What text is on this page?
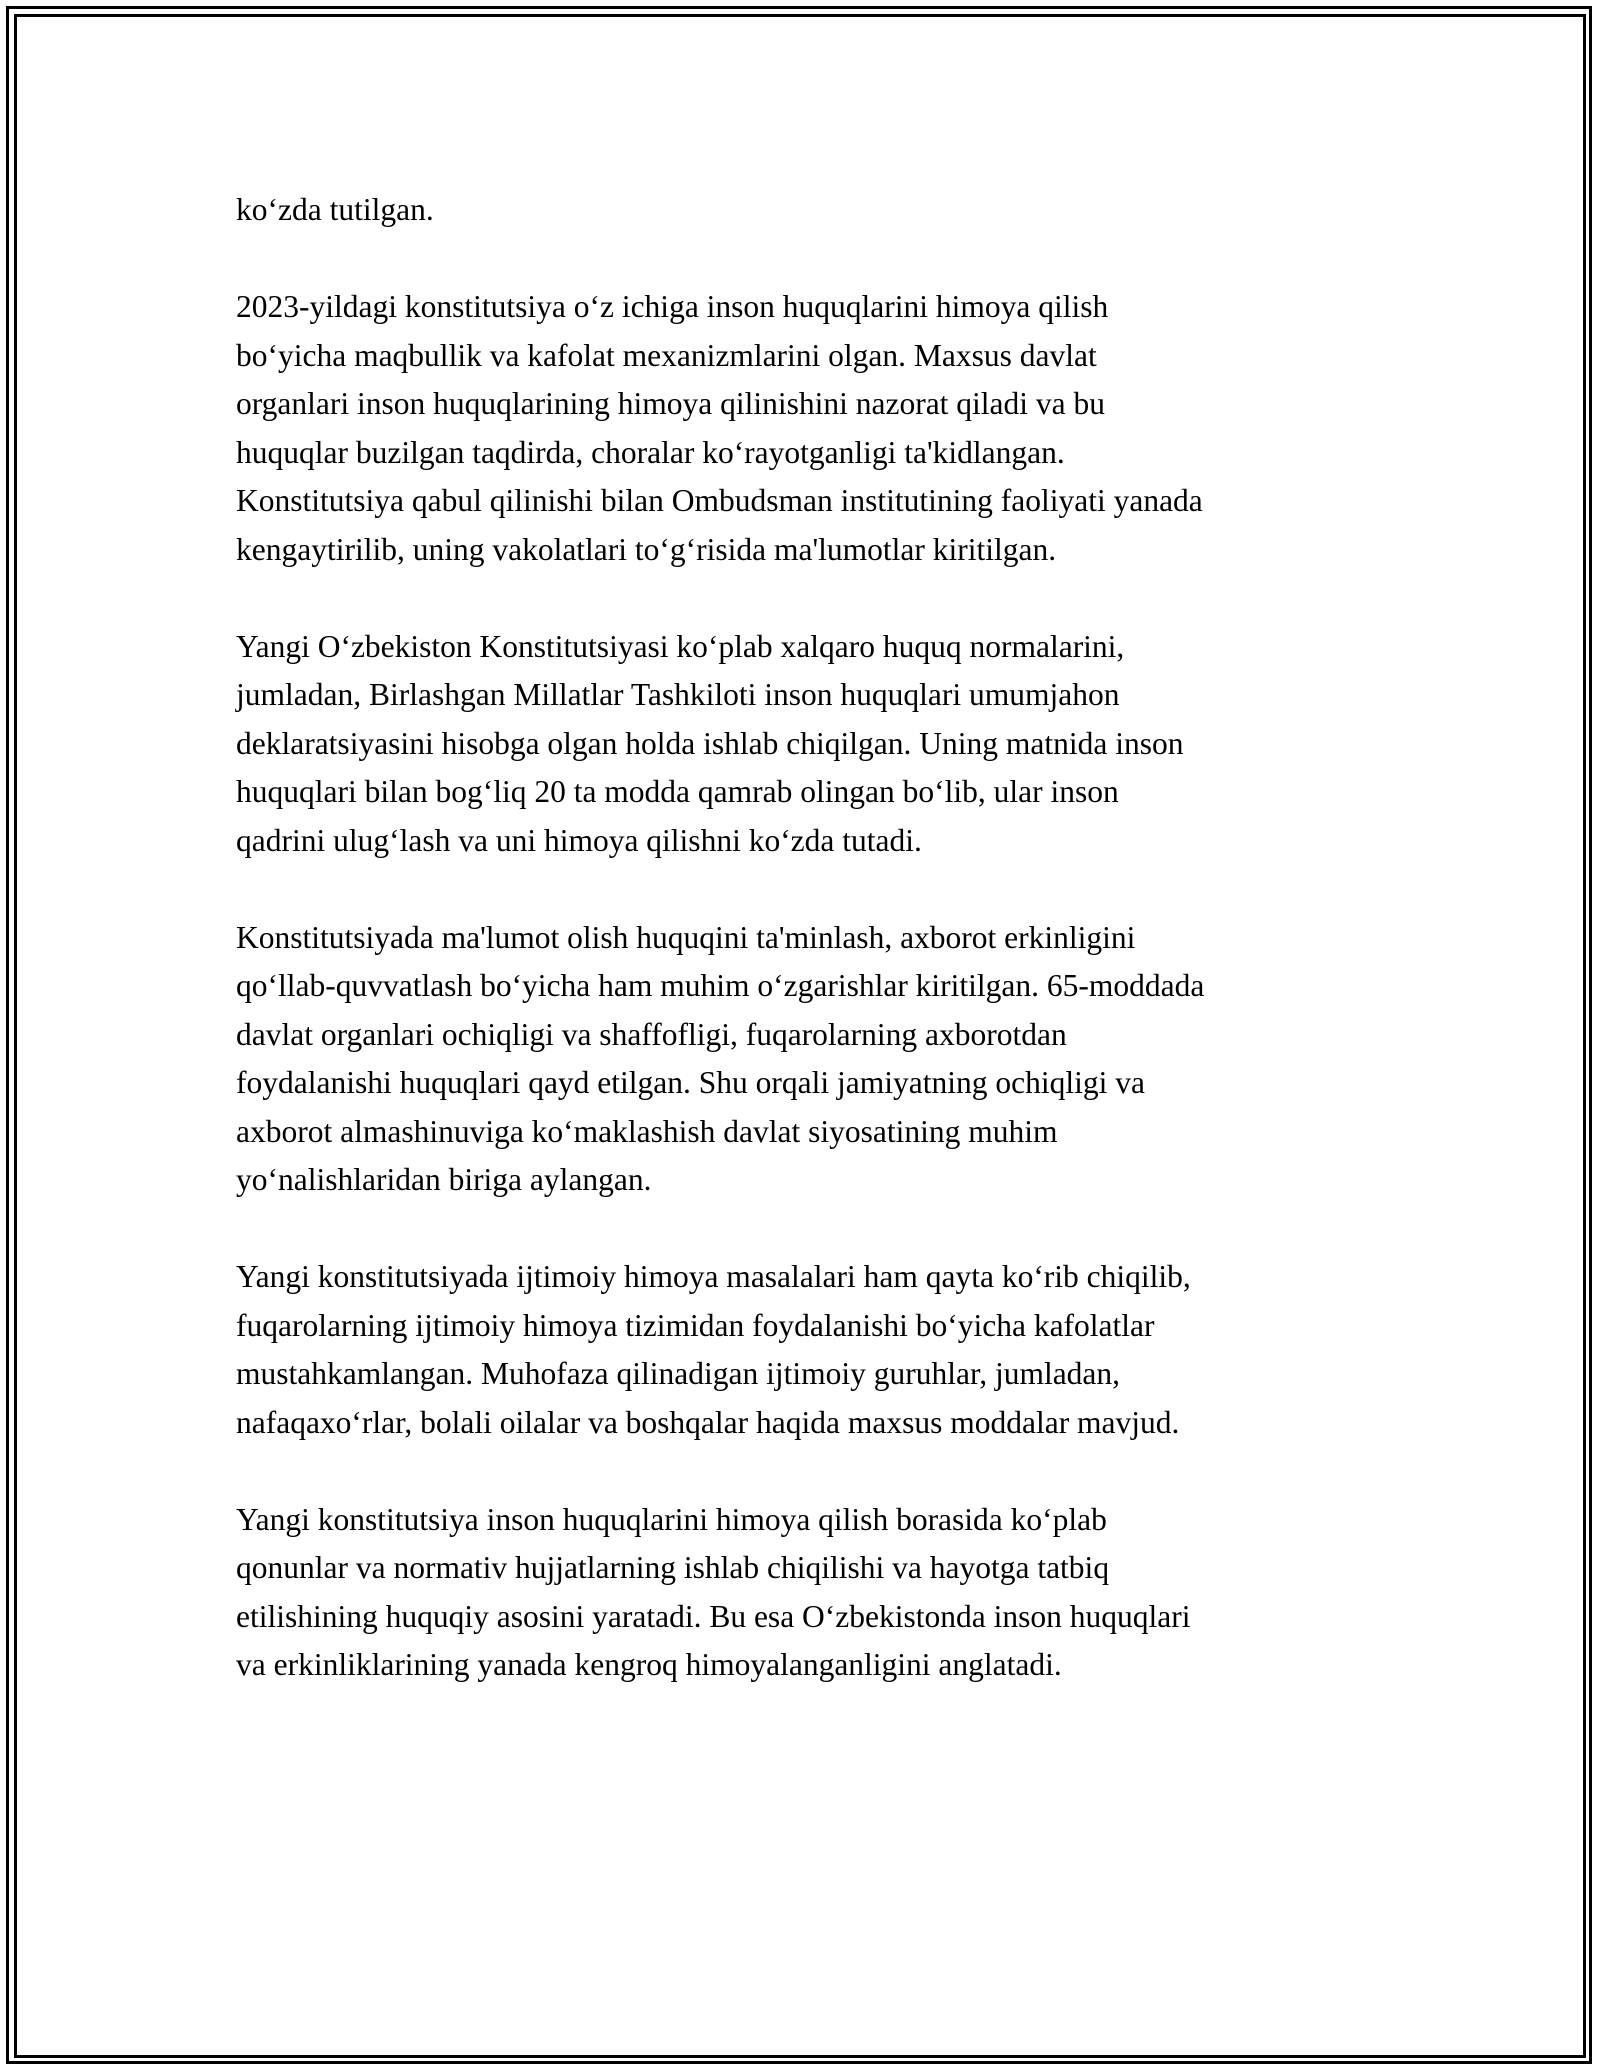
koʻzda tutilgan.

2023-yildagi konstitutsiya oʻz ichiga inson huquqlarini himoya qilish
boʻyicha maqbullik va kafolat mexanizmlarini olgan. Maxsus davlat
organlari inson huquqlarining himoya qilinishini nazorat qiladi va bu
huquqlar buzilgan taqdirda, choralar koʻrayotganligi ta'kidlangan.
Konstitutsiya qabul qilinishi bilan Ombudsman institutining faoliyati yanada
kengaytirilib, uning vakolatlari toʻgʻrisida ma'lumotlar kiritilgan.

Yangi Oʻzbekiston Konstitutsiyasi koʻplab xalqaro huquq normalarini,
jumladan, Birlashgan Millatlar Tashkiloti inson huquqlari umumjahon
deklaratsiyasini hisobga olgan holda ishlab chiqilgan. Uning matnida inson
huquqlari bilan bogʻliq 20 ta modda qamrab olingan boʻlib, ular inson
qadrini ulugʻlash va uni himoya qilishni koʻzda tutadi.

Konstitutsiyada ma'lumot olish huquqini ta'minlash, axborot erkinligini
qoʻllab-quvvatlash boʻyicha ham muhim oʻzgarishlar kiritilgan. 65-moddada
davlat organlari ochiqligi va shaffofligi, fuqarolarning axborotdan
foydalanishi huquqlari qayd etilgan. Shu orqali jamiyatning ochiqligi va
axborot almashinuviga koʻmaklashish davlat siyosatining muhim
yoʻnalishlaridan biriga aylangan.

Yangi konstitutsiyada ijtimoiy himoya masalalari ham qayta koʻrib chiqilib,
fuqarolarning ijtimoiy himoya tizimidan foydalanishi boʻyicha kafolatlar
mustahkamlangan. Muhofaza qilinadigan ijtimoiy guruhlar, jumladan,
nafaqaxoʻrlar, bolali oilalar va boshqalar haqida maxsus moddalar mavjud.

Yangi konstitutsiya inson huquqlarini himoya qilish borasida koʻplab
qonunlar va normativ hujjatlarning ishlab chiqilishi va hayotga tatbiq
etilishining huquqiy asosini yaratadi. Bu esa Oʻzbekistonda inson huquqlari
va erkinliklarining yanada kengroq himoyalanganligini anglatadi.
